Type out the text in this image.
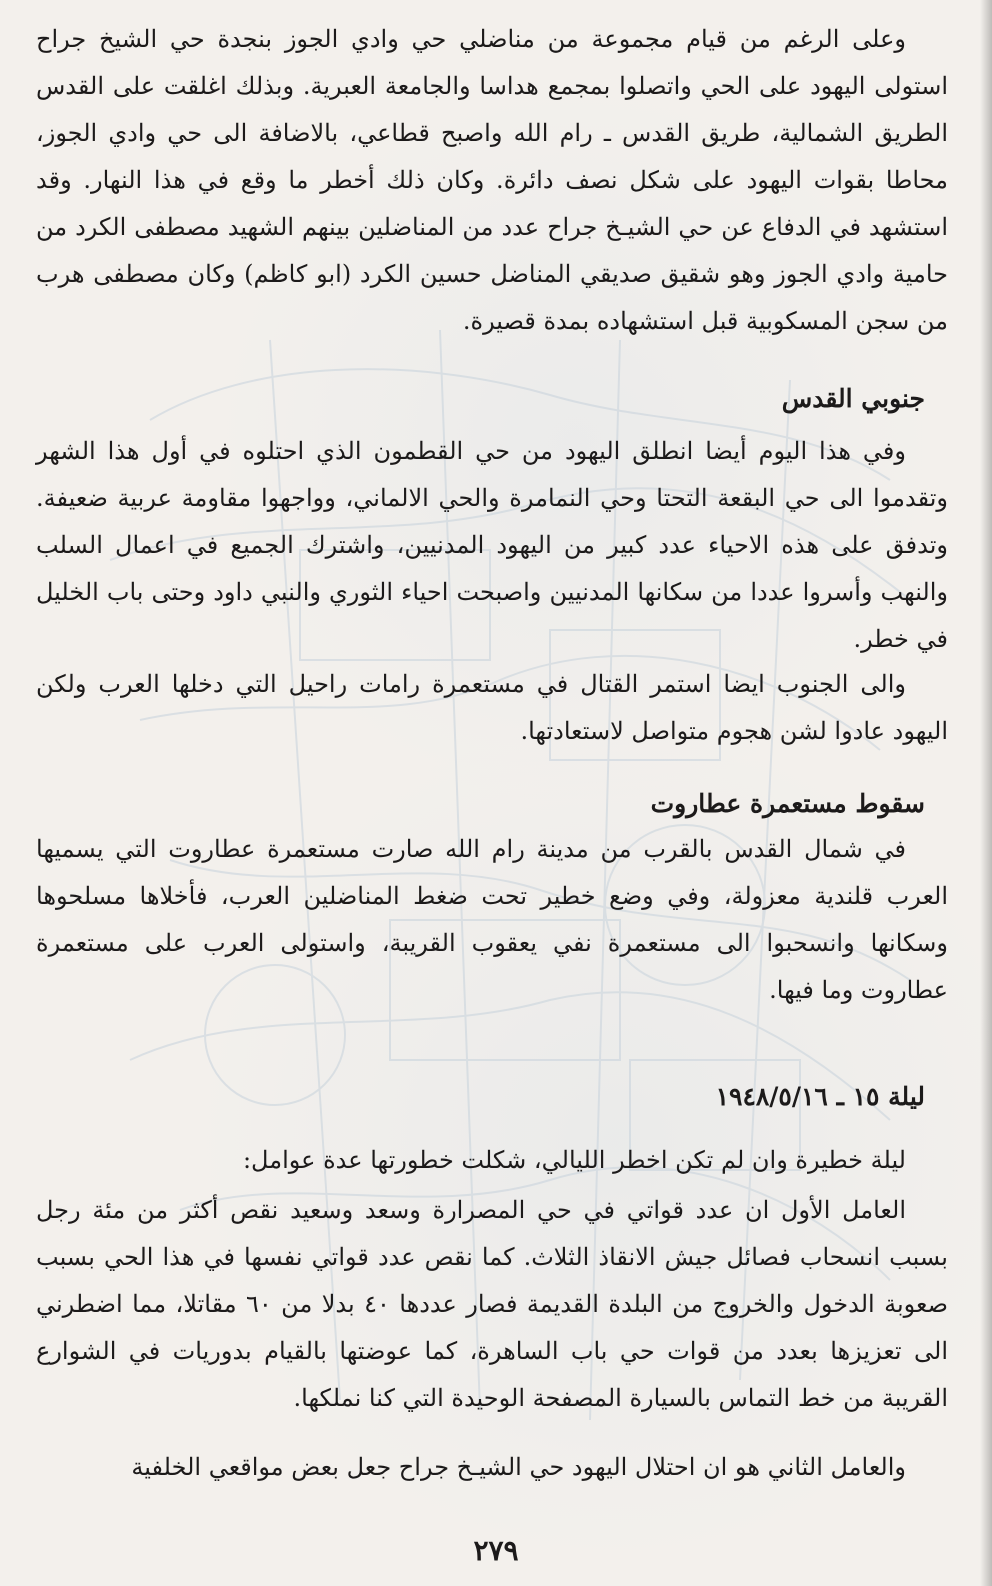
وعلى الرغم من قيام مجموعة من مناضلي حي وادي الجوز بنجدة حي الشيخ جراح استولى اليهود على الحي واتصلوا بمجمع هداسا والجامعة العبرية. وبذلك اغلقت على القدس الطريق الشمالية، طريق القدس ـ رام الله واصبح قطاعي، بالاضافة الى حي وادي الجوز، محاطا بقوات اليهود على شكل نصف دائرة. وكان ذلك أخطر ما وقع في هذا النهار. وقد استشهد في الدفاع عن حي الشيـخ جراح عدد من المناضلين بينهم الشهيد مصطفى الكرد من حامية وادي الجوز وهو شقيق صديقي المناضل حسين الكرد (ابو كاظم) وكان مصطفى هرب من سجن المسكوبية قبل استشهاده بمدة قصيرة.
جنوبي القدس
وفي هذا اليوم أيضا انطلق اليهود من حي القطمون الذي احتلوه في أول هذا الشهر وتقدموا الى حي البقعة التحتا وحي النمامرة والحي الالماني، وواجهوا مقاومة عربية ضعيفة. وتدفق على هذه الاحياء عدد كبير من اليهود المدنيين، واشترك الجميع في اعمال السلب والنهب وأسروا عددا من سكانها المدنيين واصبحت احياء الثوري والنبي داود وحتى باب الخليل في خطر.
والى الجنوب ايضا استمر القتال في مستعمرة رامات راحيل التي دخلها العرب ولكن اليهود عادوا لشن هجوم متواصل لاستعادتها.
سقوط مستعمرة عطاروت
في شمال القدس بالقرب من مدينة رام الله صارت مستعمرة عطاروت التي يسميها العرب قلندية معزولة، وفي وضع خطير تحت ضغط المناضلين العرب، فأخلاها مسلحوها وسكانها وانسحبوا الى مستعمرة نفي يعقوب القريبة، واستولى العرب على مستعمرة عطاروت وما فيها.
ليلة ١٥ ـ ١٩٤٨/٥/١٦
ليلة خطيرة وان لم تكن اخطر الليالي، شكلت خطورتها عدة عوامل:
العامل الأول ان عدد قواتي في حي المصرارة وسعد وسعيد نقص أكثر من مئة رجل بسبب انسحاب فصائل جيش الانقاذ الثلاث. كما نقص عدد قواتي نفسها في هذا الحي بسبب صعوبة الدخول والخروج من البلدة القديمة فصار عددها ٤٠ بدلا من ٦٠ مقاتلا، مما اضطرني الى تعزيزها بعدد من قوات حي باب الساهرة، كما عوضتها بالقيام بدوريات في الشوارع القريبة من خط التماس بالسيارة المصفحة الوحيدة التي كنا نملكها.
والعامل الثاني هو ان احتلال اليهود حي الشيـخ جراح جعل بعض مواقعي الخلفية
٢٧٩
